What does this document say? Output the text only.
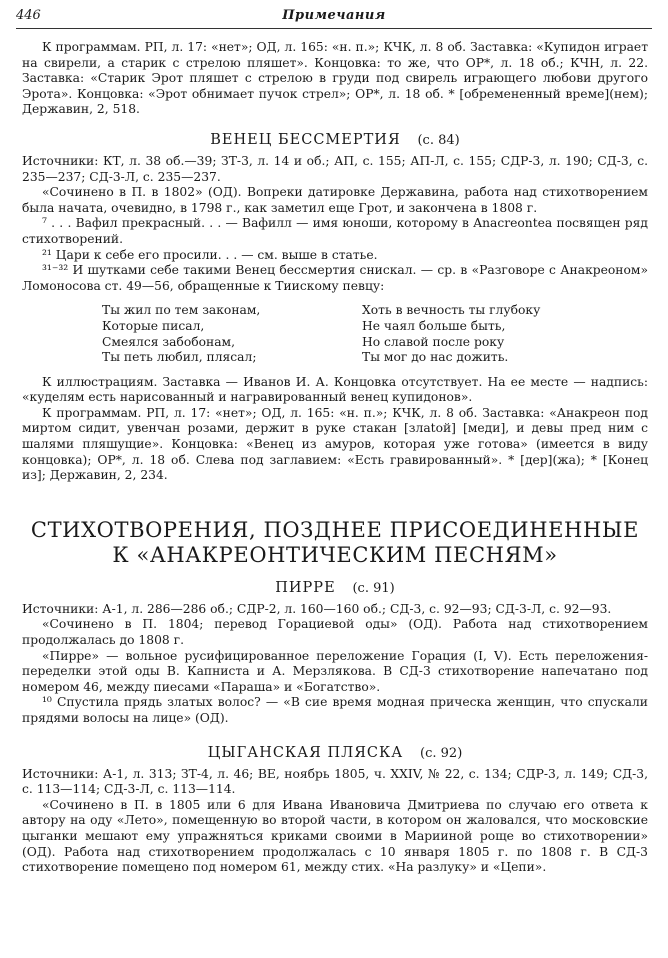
446	Примечания

К программам. РП, л. 17: «нет»; ОД, л. 165: «н. п.»; КЧК, л. 8 об. Заставка: «Купидон играет на свирели, а старик с стрелою пляшет». Концовка: то же, что ОР*, л. 18 об.; КЧН, л. 22. Заставка: «Старик Эрот пляшет с стрелою в груди под свирель играющего любови другого Эрота». Концовка: «Эрот обнимает пучок стрел»; ОР*, л. 18 об. * [обремененный време](нем); Державин, 2, 518.

ВЕНЕЦ БЕССМЕРТИЯ (с. 84)

Источники: КТ, л. 38 об.—39; ЗТ-3, л. 14 и об.; АП, с. 155; АП-Л, с. 155; СДР-3, л. 190; СД-3, с. 235—237; СД-3-Л, с. 235—237.

«Сочинено в П. в 1802» (ОД). Вопреки датировке Державина, работа над стихотворением была начата, очевидно, в 1798 г., как заметил еще Грот, и закончена в 1808 г.

⁷ . . . Вафил прекрасный. . . — Вафилл — имя юноши, которому в Anacreontea посвящен ряд стихотворений.

²¹ Цари к себе его просили. . . — см. выше в статье.

³¹⁻³² И шутками себе такими Венец бессмертия снискал. — ср. в «Разговоре с Анакреоном» Ломоносова ст. 49—56, обращенные к Тиискому певцу:

Ты жил по тем законам,
Которые писал,
Смеялся забобонам,
Ты петь любил, плясал;
Хоть в вечность ты глубоку
Не чаял больше быть,
Но славой после року
Ты мог до нас дожить.

К иллюстрациям. Заставка — Иванов И. А. Концовка отсутствует. На ее месте — надпись: «куделям есть нарисованный и награвированный венец купидонов».

К программам. РП, л. 17: «нет»; ОД, л. 165: «н. п.»; КЧК, л. 8 об. Заставка: «Анакреон под миртом сидит, увенчан розами, держит в руке стакан [злаtой] [меди], и девы пред ним с шалями пляшущие». Концовка: «Венец из амуров, которая уже готова» (имеется в виду концовка); ОР*, л. 18 об. Слева под заглавием: «Есть гравированный». * [дер](жа); * [Конец из]; Державин, 2, 234.

СТИХОТВОРЕНИЯ, ПОЗДНЕЕ ПРИСОЕДИНЕННЫЕ
К «АНАКРЕОНТИЧЕСКИМ ПЕСНЯМ»
ПИРРЕ (с. 91)

Источники: А-1, л. 286—286 об.; СДР-2, л. 160—160 об.; СД-3, с. 92—93; СД-3-Л, с. 92—93.

«Сочинено в П. 1804; перевод Горациевой оды» (ОД). Работа над стихотворением продолжалась до 1808 г.

«Пирре» — вольное русифицированное переложение Горация (I, V). Есть переложения-переделки этой оды В. Капниста и А. Мерзлякова. В СД-3 стихотворение напечатано под номером 46, между пиесами «Параша» и «Богатство».

¹⁰ Спустила прядь златых волос? — «В сие время модная прическа женщин, что спускали прядями волосы на лице» (ОД).

ЦЫГАНСКАЯ ПЛЯСКА (с. 92)

Источники: А-1, л. 313; ЗТ-4, л. 46; ВЕ, ноябрь 1805, ч. XXIV, № 22, с. 134; СДР-3, л. 149; СД-3, с. 113—114; СД-3-Л, с. 113—114.

«Сочинено в П. в 1805 или 6 для Ивана Ивановича Дмитриева по случаю его ответа к автору на оду «Лето», помещенную во второй части, в котором он жаловался, что московские цыганки мешают ему упражняться криками своими в Марииной роще во стихотворении» (ОД). Работа над стихотворением продолжалась с 10 января 1805 г. по 1808 г. В СД-3 стихотворение помещено под номером 61, между стих. «На разлуку» и «Цепи».
